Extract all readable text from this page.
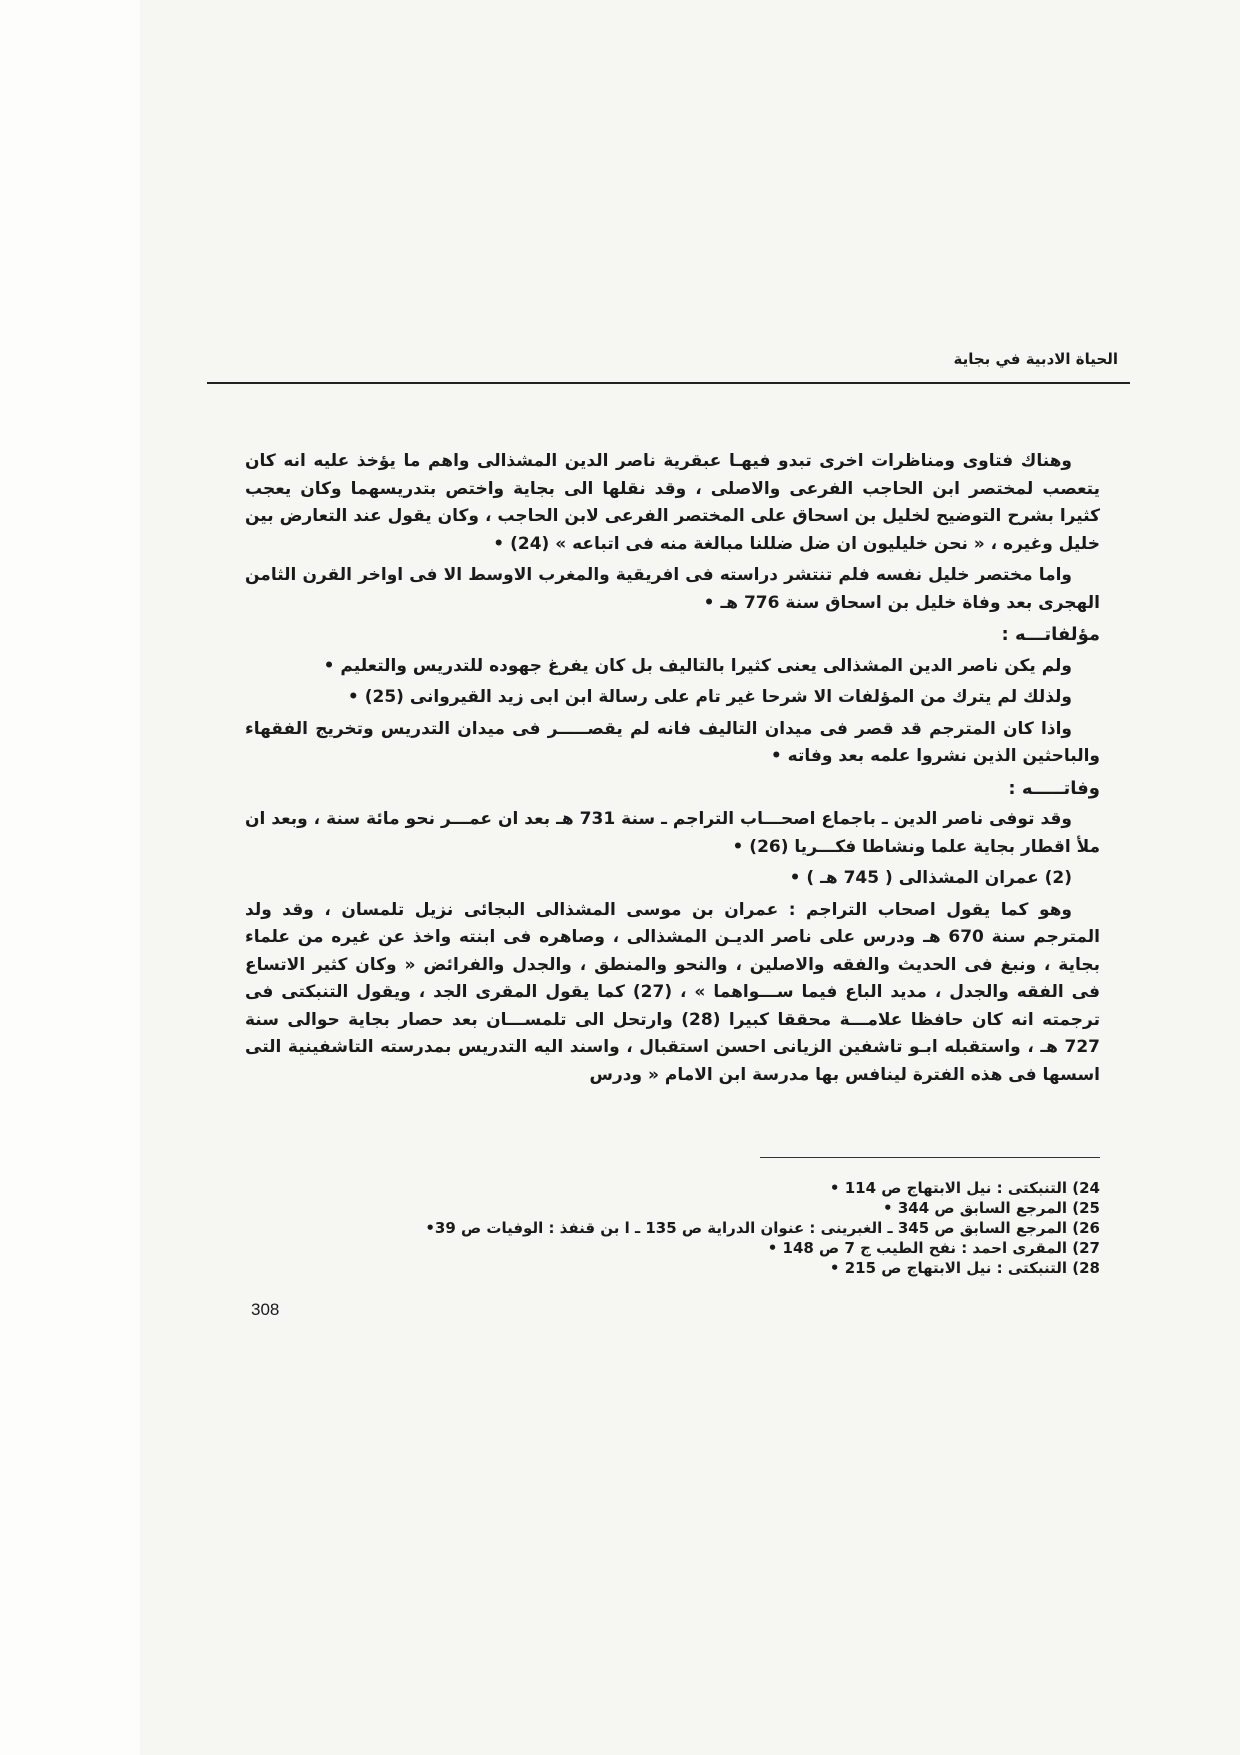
الحياة الادبية في بجاية

وهناك فتاوى ومناظرات اخرى تبدو فيهـا عبقرية ناصر الدين المشذالى واهم ما يؤخذ عليه انه كان يتعصب لمختصر ابن الحاجب الفرعى والاصلى ، وقد نقلها الى بجاية واختص بتدريسهما وكان يعجب كثيرا بشرح التوضيح لخليل بن اسحاق على المختصر الفرعى لابن الحاجب ، وكان يقول عند التعارض بين خليل وغيره ، « نحن خليليون ان ضل ضللنا مبالغة منه فى اتباعه » (24) •

واما مختصر خليل نفسه فلم تنتشر دراسته فى افريقية والمغرب الاوسط الا فى اواخر القرن الثامن الهجرى بعد وفاة خليل بن اسحاق سنة 776 هـ •

مؤلفاتـــه :

ولم يكن ناصر الدين المشذالى يعنى كثيرا بالتاليف بل كان يفرغ جهوده للتدريس والتعليم •

ولذلك لم يترك من المؤلفات الا شرحا غير تام على رسالة ابن ابى زيد القيروانى (25) •

واذا كان المترجم قد قصر فى ميدان التاليف فانه لم يقصـــــر فى ميدان التدريس وتخريج الفقهاء والباحثين الذين نشروا علمه بعد وفاته •

وفاتـــــه :

وقد توفى ناصر الدين ـ باجماع اصحـــاب التراجم ـ سنة 731 هـ بعد ان عمـــر نحو مائة سنة ، وبعد ان ملأ اقطار بجاية علما ونشاطا فكـــريا (26) •

(2) عمران المشذالى ( 745 هـ ) •

وهو كما يقول اصحاب التراجم : عمران بن موسى المشذالى البجائى نزيل تلمسان ، وقد ولد المترجم سنة 670 هـ ودرس على ناصر الديـن المشذالى ، وصاهره فى ابنته واخذ عن غيره من علماء بجاية ، ونبغ فى الحديث والفقه والاصلين ، والنحو والمنطق ، والجدل والفرائض « وكان كثير الاتساع فى الفقه والجدل ، مديد الباع فيما ســـواهما » ، (27) كما يقول المقرى الجد ، ويقول التنبكتى فى ترجمته انه كان حافظا علامـــة محققا كبيرا (28) وارتحل الى تلمســـان بعد حصار بجاية حوالى سنة 727 هـ ، واستقبله ابـو تاشفين الزيانى احسن استقبال ، واسند اليه التدريس بمدرسته التاشفينية التى اسسها فى هذه الفترة لينافس بها مدرسة ابن الامام « ودرس

24) التنبكتى : نيل الابتهاج ص 114 •
25) المرجع السابق ص 344 •
26) المرجع السابق ص 345 ـ الغبرينى : عنوان الدراية ص 135 ـ ا بن قنفذ : الوفيات ص 39•
27) المقرى احمد : نفح الطيب ج 7 ص 148 •
28) التنبكتى : نيل الابتهاج ص 215 •
308
